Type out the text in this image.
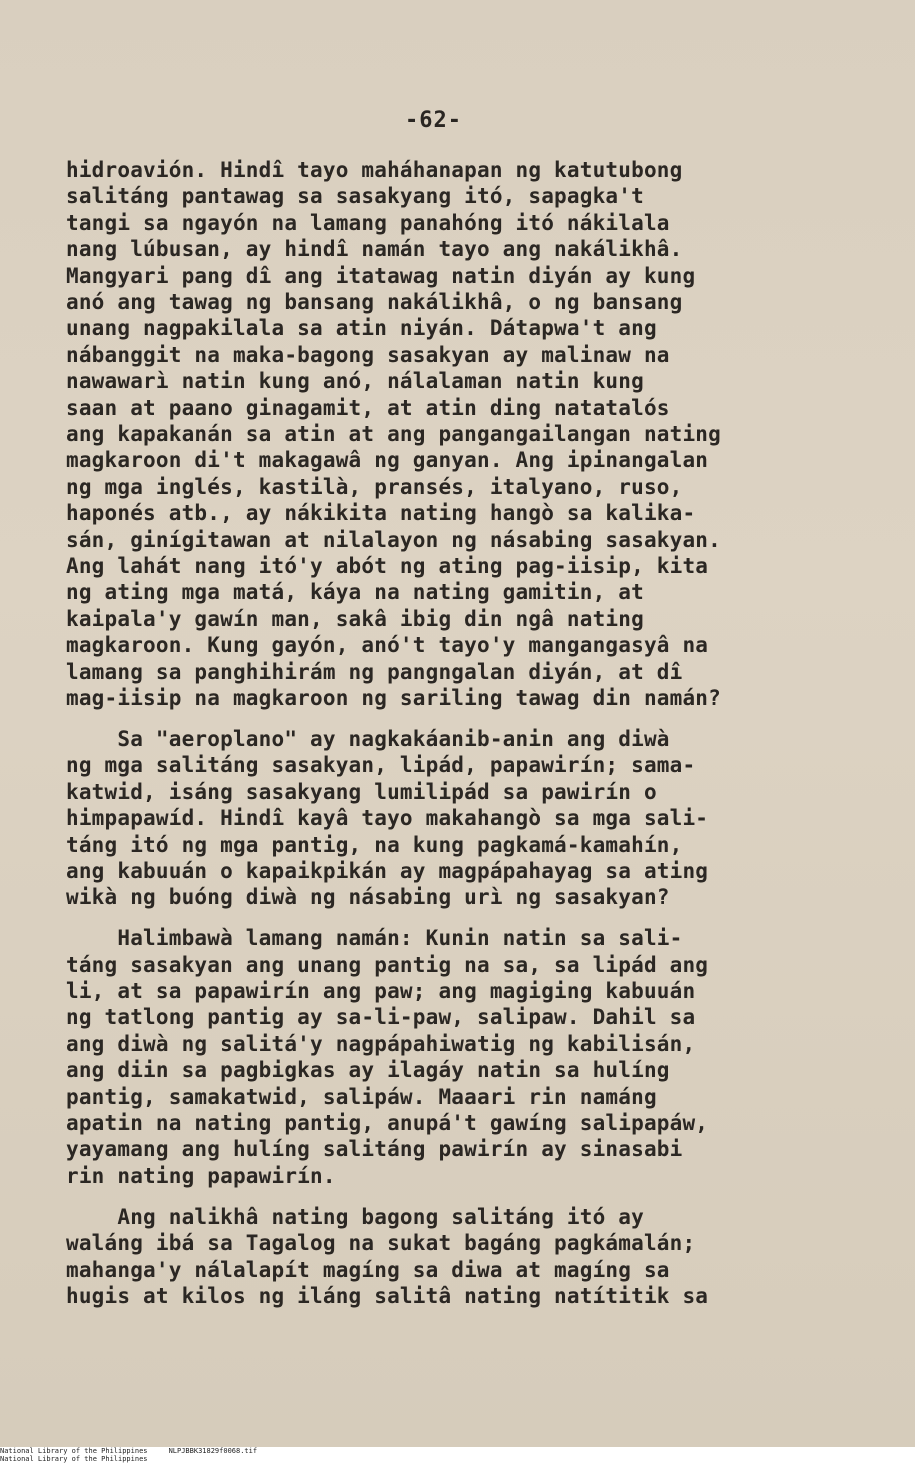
-62-
hidroavión. Hindî tayo maháhanapan ng katutubong
salitáng pantawag sa sasakyang itó, sapagka't
tangi sa ngayón na lamang panahóng itó nákilala
nang lúbusan, ay hindî namán tayo ang nakálikhâ.
Mangyari pang dî ang itatawag natin diyán ay kung
anó ang tawag ng bansang nakálikhâ, o ng bansang
unang nagpakilala sa atin niyán. Dátapwa't ang
nábanggit na maka-bagong sasakyan ay malinaw na
nawawarì natin kung anó, nálalaman natin kung
saan at paano ginagamit, at atin ding natatalós
ang kapakanán sa atin at ang pangangailangan nating
magkaroon di't makagawâ ng ganyan. Ang ipinangalan
ng mga inglés, kastilà, pransés, italyano, ruso,
haponés atb., ay nákikita nating hangò sa kalika-
sán, ginígitawan at nilalayon ng násabing sasakyan.
Ang lahát nang itó'y abót ng ating pag-iisip, kita
ng ating mga matá, káya na nating gamitin, at
kaipala'y gawín man, sakâ ibig din ngâ nating
magkaroon. Kung gayón, anó't tayo'y mangangasyâ na
lamang sa panghihirám ng pangngalan diyán, at dî
mag-iisip na magkaroon ng sariling tawag din namán?
Sa "aeroplano" ay nagkakáanib-anin ang diwà
ng mga salitáng sasakyan, lipád, papawirín; sama-
katwid, isáng sasakyang lumilipád sa pawirín o
himpapawíd. Hindî kayâ tayo makahangò sa mga sali-
táng itó ng mga pantig, na kung pagkamá-kamahín,
ang kabuuán o kapaikpikán ay magpápahayag sa ating
wikà ng buóng diwà ng násabing urì ng sasakyan?
Halimbawà lamang namán: Kunin natin sa sali-
táng sasakyan ang unang pantig na sa, sa lipád ang
li, at sa papawirín ang paw; ang magiging kabuuán
ng tatlong pantig ay sa-li-paw, salipaw. Dahil sa
ang diwà ng salitá'y nagpápahiwatig ng kabilisán,
ang diin sa pagbigkas ay ilagáy natin sa hulíng
pantig, samakatwid, salipáw. Maaari rin namáng
apatin na nating pantig, anupá't gawíng salipapáw,
yayamang ang hulíng salitáng pawirín ay sinasabi
rin nating papawirín.
Ang nalikhâ nating bagong salitáng itó ay
waláng ibá sa Tagalog na sukat bagáng pagkámalán;
mahanga'y nálalapít magíng sa diwa at magíng sa
hugis at kilos ng iláng salitâ nating natítitik sa
National Library of the Philippines     NLPJBBK31829f0068.tif
National Library of the Philippines
